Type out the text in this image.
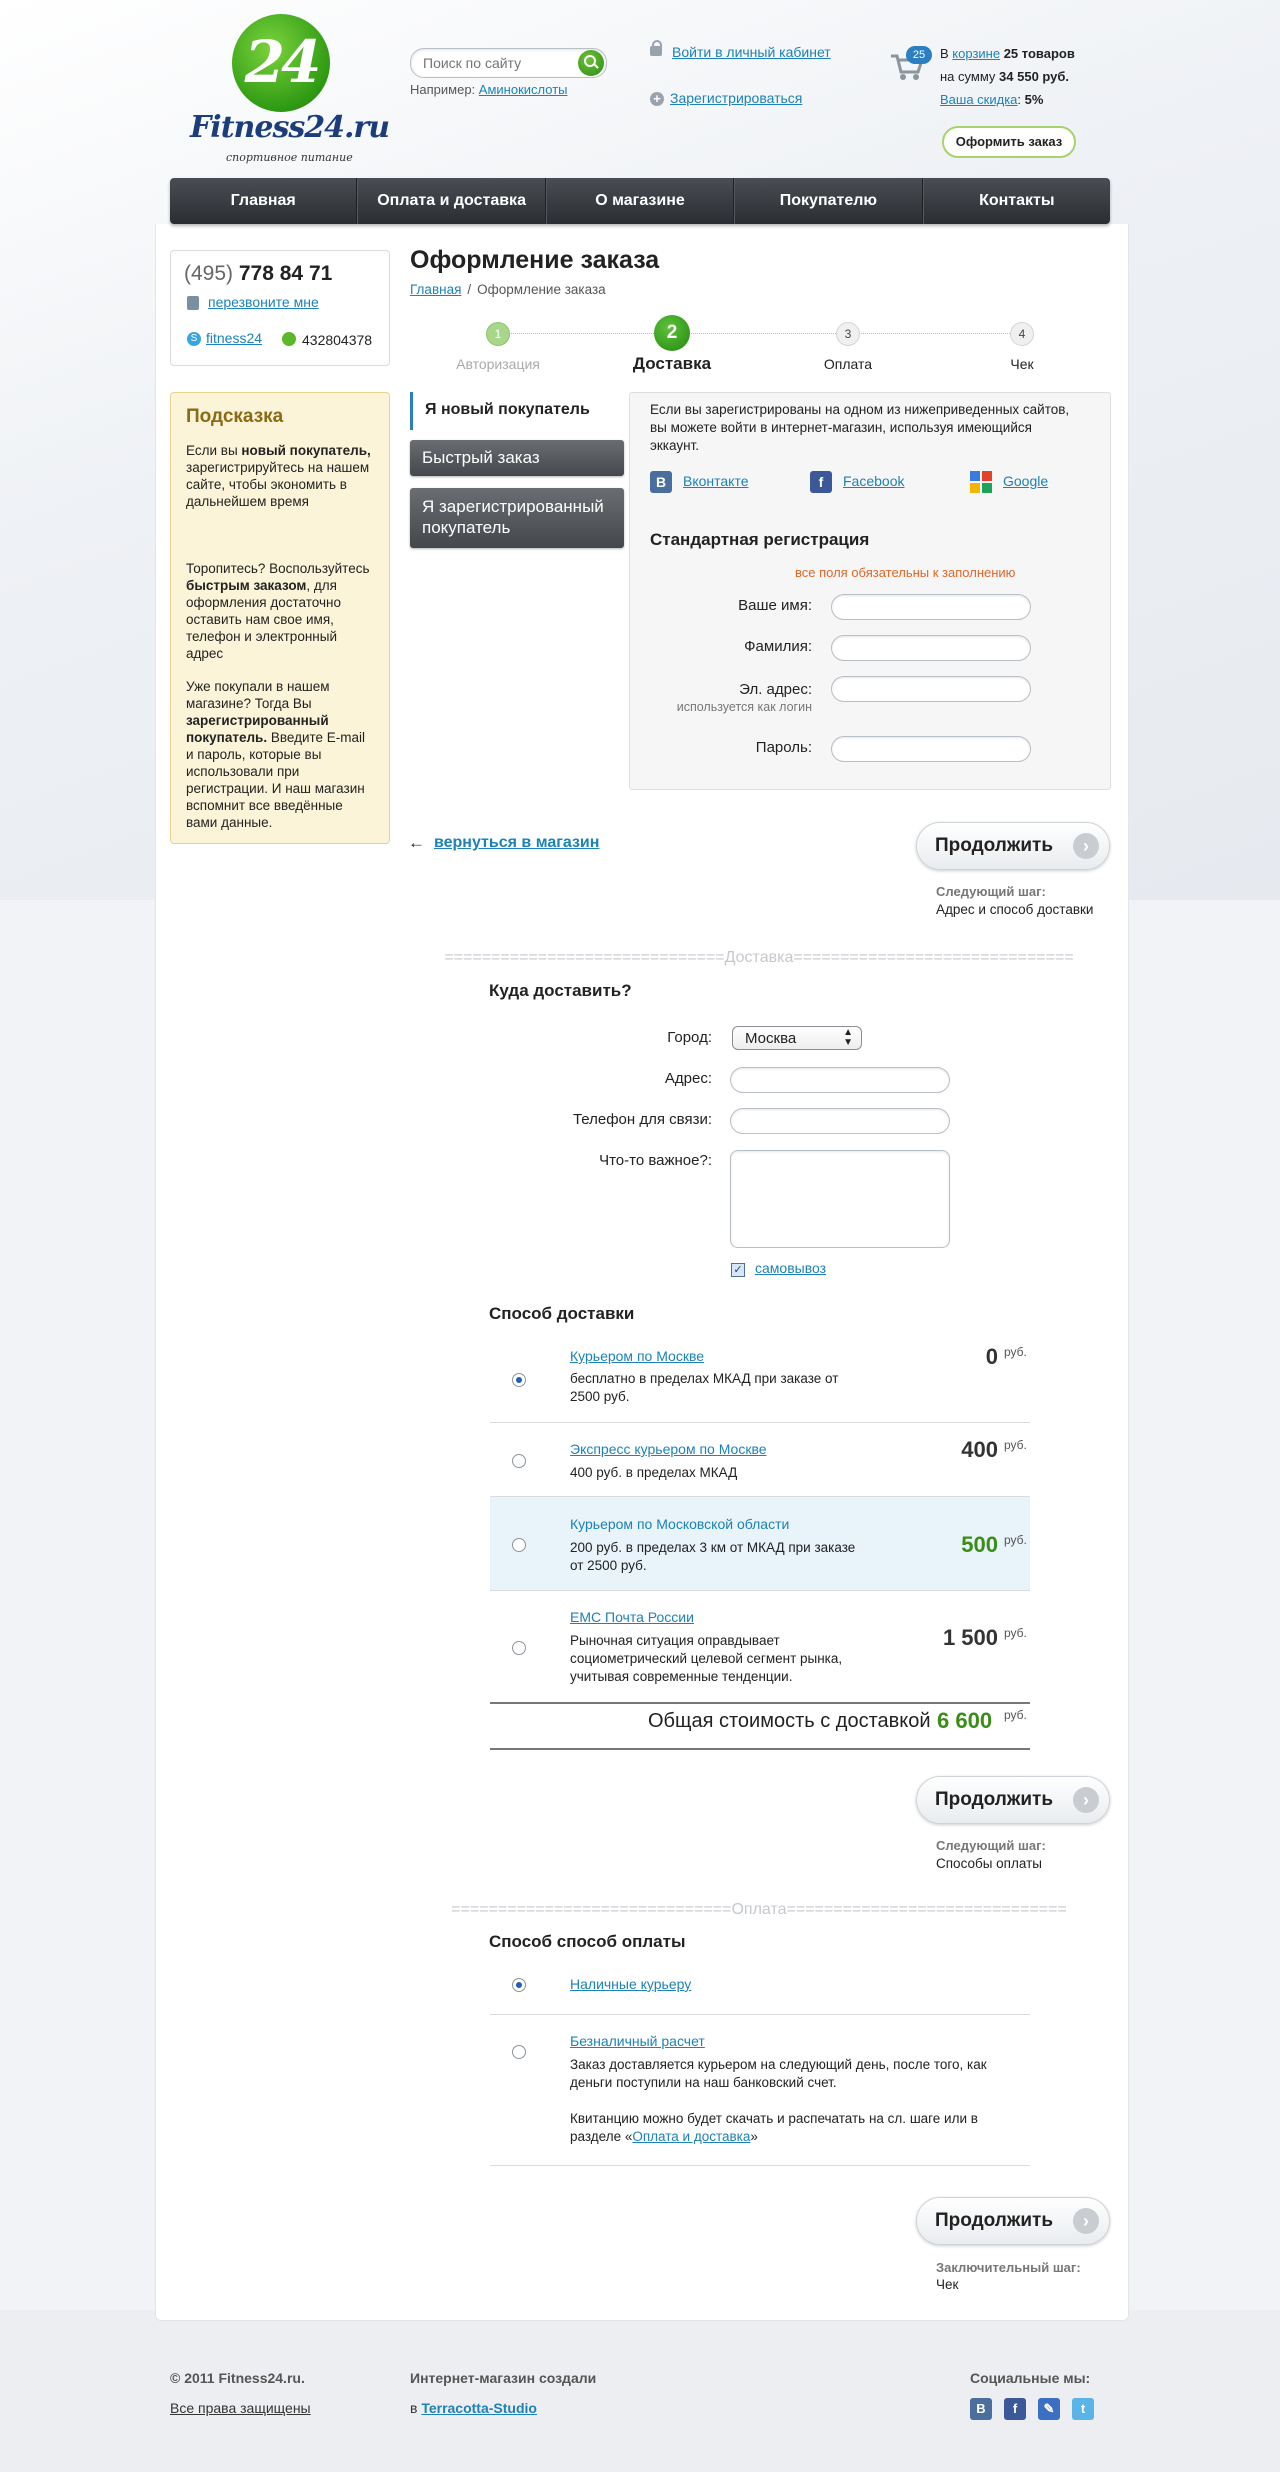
24
Fitness24.ru
спортивное питание
Поиск по сайту
Например: Аминокислоты
Войти в личный кабинет
+ Зарегистрироваться
25	В корзине 25 товаров
на сумму 34 550 руб.
Ваша скидка: 5%
Оформить заказ
Главная	Оплата и доставка	О магазине	Покупателю	Контакты
(495) 778 84 71
перезвоните мне
S fitness24	432804378
Подсказка
Если вы новый покупатель, зарегистрируйтесь на нашем сайте, чтобы экономить в дальнейшем время
Торопитесь? Воспользуйтесь быстрым заказом, для оформления достаточно оставить нам свое имя, телефон и электронный адрес
Уже покупали в нашем магазине? Тогда Вы зарегистрированный покупатель. Введите E-mail и пароль, которые вы использовали при регистрации. И наш магазин вспомнит все введённые вами данные.
Оформление заказа
Главная / Оформление заказа
1	2	3	4
Авторизация	Доставка	Оплата	Чек
Я новый покупатель
Быстрый заказ
Я зарегистрированный покупатель
Если вы зарегистрированы на одном из нижеприведенных сайтов, вы можете войти в интернет-магазин, используя имеющийся эккаунт.
В	Вконтакте	f	Facebook	Google
Стандартная регистрация
все поля обязательны к заполнению
Ваше имя:
Фамилия:
Эл. адрес:
используется как логин
Пароль:
← вернуться в магазин	Продолжить	›
Следующий шаг:
Адрес и способ доставки
==============================Доставка==============================
Куда доставить?
Город:	Москва	▲
▼
Адрес:
Телефон для связи:
Что-то важное?:
✓ самовывоз
Способ доставки
Курьером по Москве
бесплатно в пределах МКАД при заказе от 2500 руб.
0 руб.
Экспресс курьером по Москве
400 руб. в пределах МКАД
400 руб.
Курьером по Московской области
200 руб. в пределах 3 км от МКАД при заказе от 2500 руб.
500 руб.
ЕМС Почта России
Рыночная ситуация оправдывает социометрический целевой сегмент рынка, учитывая современные тенденции.
1 500 руб.
Общая стоимость с доставкой 6 600 руб.
Продолжить	›
Следующий шаг:
Способы оплаты
==============================Оплата==============================
Способ способ оплаты
Наличные курьеру
Безналичный расчет
Заказ доставляется курьером на следующий день, после того, как деньги поступили на наш банковский счет.
Квитанцию можно будет скачать и распечатать на сл. шаге или в разделе «Оплата и доставка»
Продолжить	›
Заключительный шаг:
Чек
© 2011 Fitness24.ru.
Все права защищены
Интернет-магазин создали
в Terracotta-Studio
Социальные мы:
В	f	✎	t
